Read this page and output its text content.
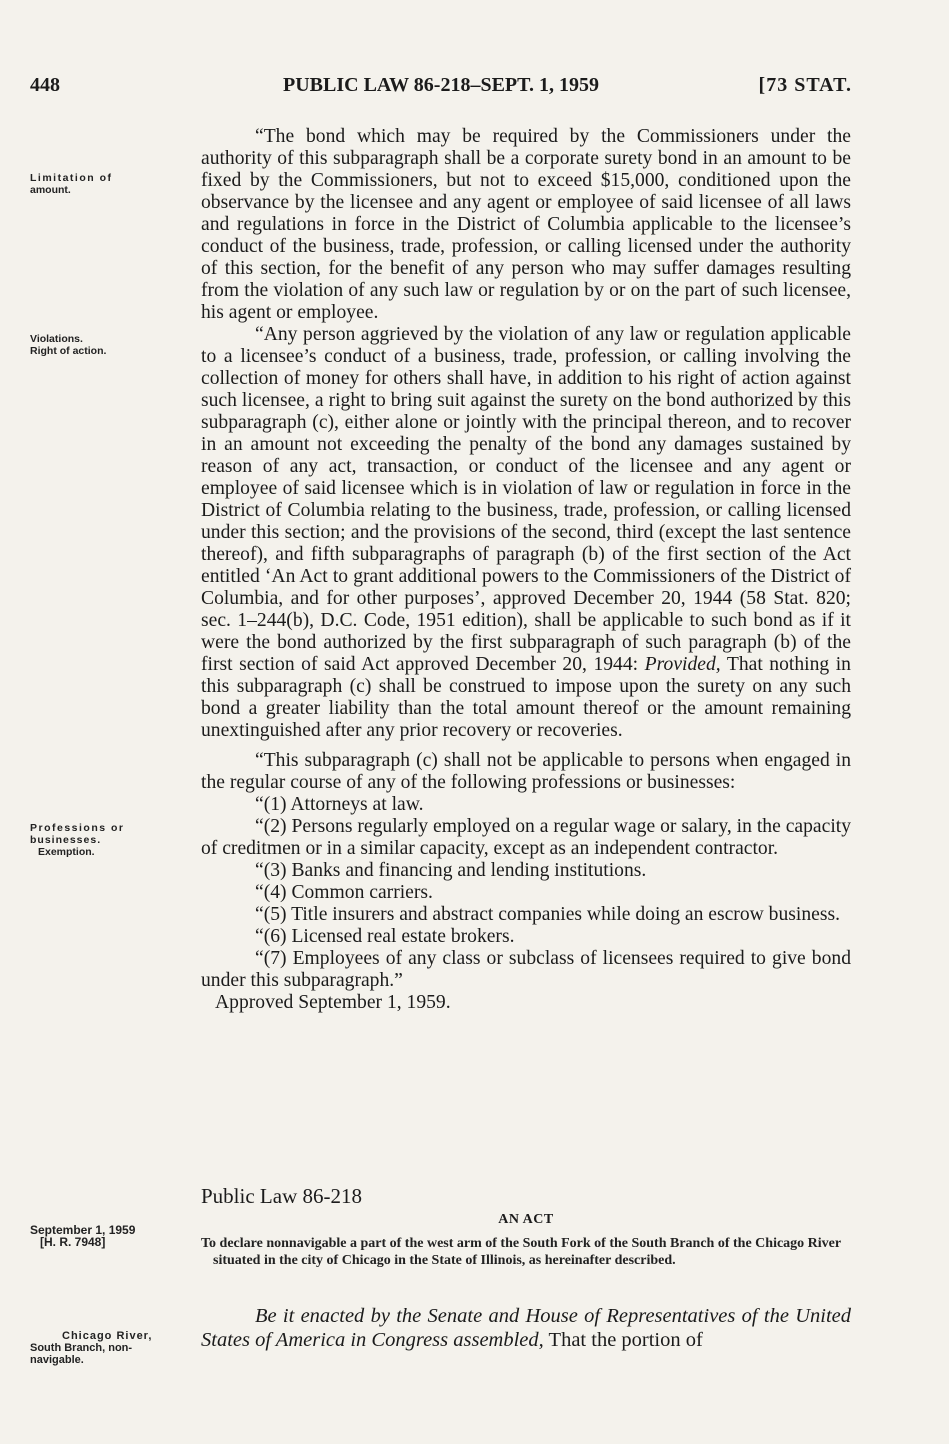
448	PUBLIC LAW 86-218–SEPT. 1, 1959	[73 STAT.
Limitation of
amount.
Violations.
Right of action.
Professions or
businesses.
Exemption.
September 1, 1959
[H. R. 7948]
Chicago River,
South Branch, non-
navigable.

“The bond which may be required by the Commissioners under the authority of this subparagraph shall be a corporate surety bond in an amount to be fixed by the Commissioners, but not to exceed $15,000, conditioned upon the observance by the licensee and any agent or employee of said licensee of all laws and regulations in force in the District of Columbia applicable to the licensee’s conduct of the business, trade, profession, or calling licensed under the authority of this section, for the benefit of any person who may suffer damages resulting from the violation of any such law or regulation by or on the part of such licensee, his agent or employee.

“Any person aggrieved by the violation of any law or regulation applicable to a licensee’s conduct of a business, trade, profession, or calling involving the collection of money for others shall have, in addition to his right of action against such licensee, a right to bring suit against the surety on the bond authorized by this subparagraph (c), either alone or jointly with the principal thereon, and to recover in an amount not exceeding the penalty of the bond any damages sustained by reason of any act, transaction, or conduct of the licensee and any agent or employee of said licensee which is in violation of law or regulation in force in the District of Columbia relating to the business, trade, profession, or calling licensed under this section; and the provisions of the second, third (except the last sentence thereof), and fifth subparagraphs of paragraph (b) of the first section of the Act entitled ‘An Act to grant additional powers to the Commissioners of the District of Columbia, and for other purposes’, approved December 20, 1944 (58 Stat. 820; sec. 1–244(b), D.C. Code, 1951 edition), shall be applicable to such bond as if it were the bond authorized by the first subparagraph of such paragraph (b) of the first section of said Act approved December 20, 1944: Provided, That nothing in this subparagraph (c) shall be construed to impose upon the surety on any such bond a greater liability than the total amount thereof or the amount remaining unextinguished after any prior recovery or recoveries.

“This subparagraph (c) shall not be applicable to persons when engaged in the regular course of any of the following professions or businesses:

“(1) Attorneys at law.

“(2) Persons regularly employed on a regular wage or salary, in the capacity of creditmen or in a similar capacity, except as an independent contractor.

“(3) Banks and financing and lending institutions.

“(4) Common carriers.

“(5) Title insurers and abstract companies while doing an escrow business.

“(6) Licensed real estate brokers.

“(7) Employees of any class or subclass of licensees required to give bond under this subparagraph.”

Approved September 1, 1959.

Public Law 86-218
AN ACT

To declare nonnavigable a part of the west arm of the South Fork of the South Branch of the Chicago River situated in the city of Chicago in the State of Illinois, as hereinafter described.

Be it enacted by the Senate and House of Representatives of the United States of America in Congress assembled, That the portion of
